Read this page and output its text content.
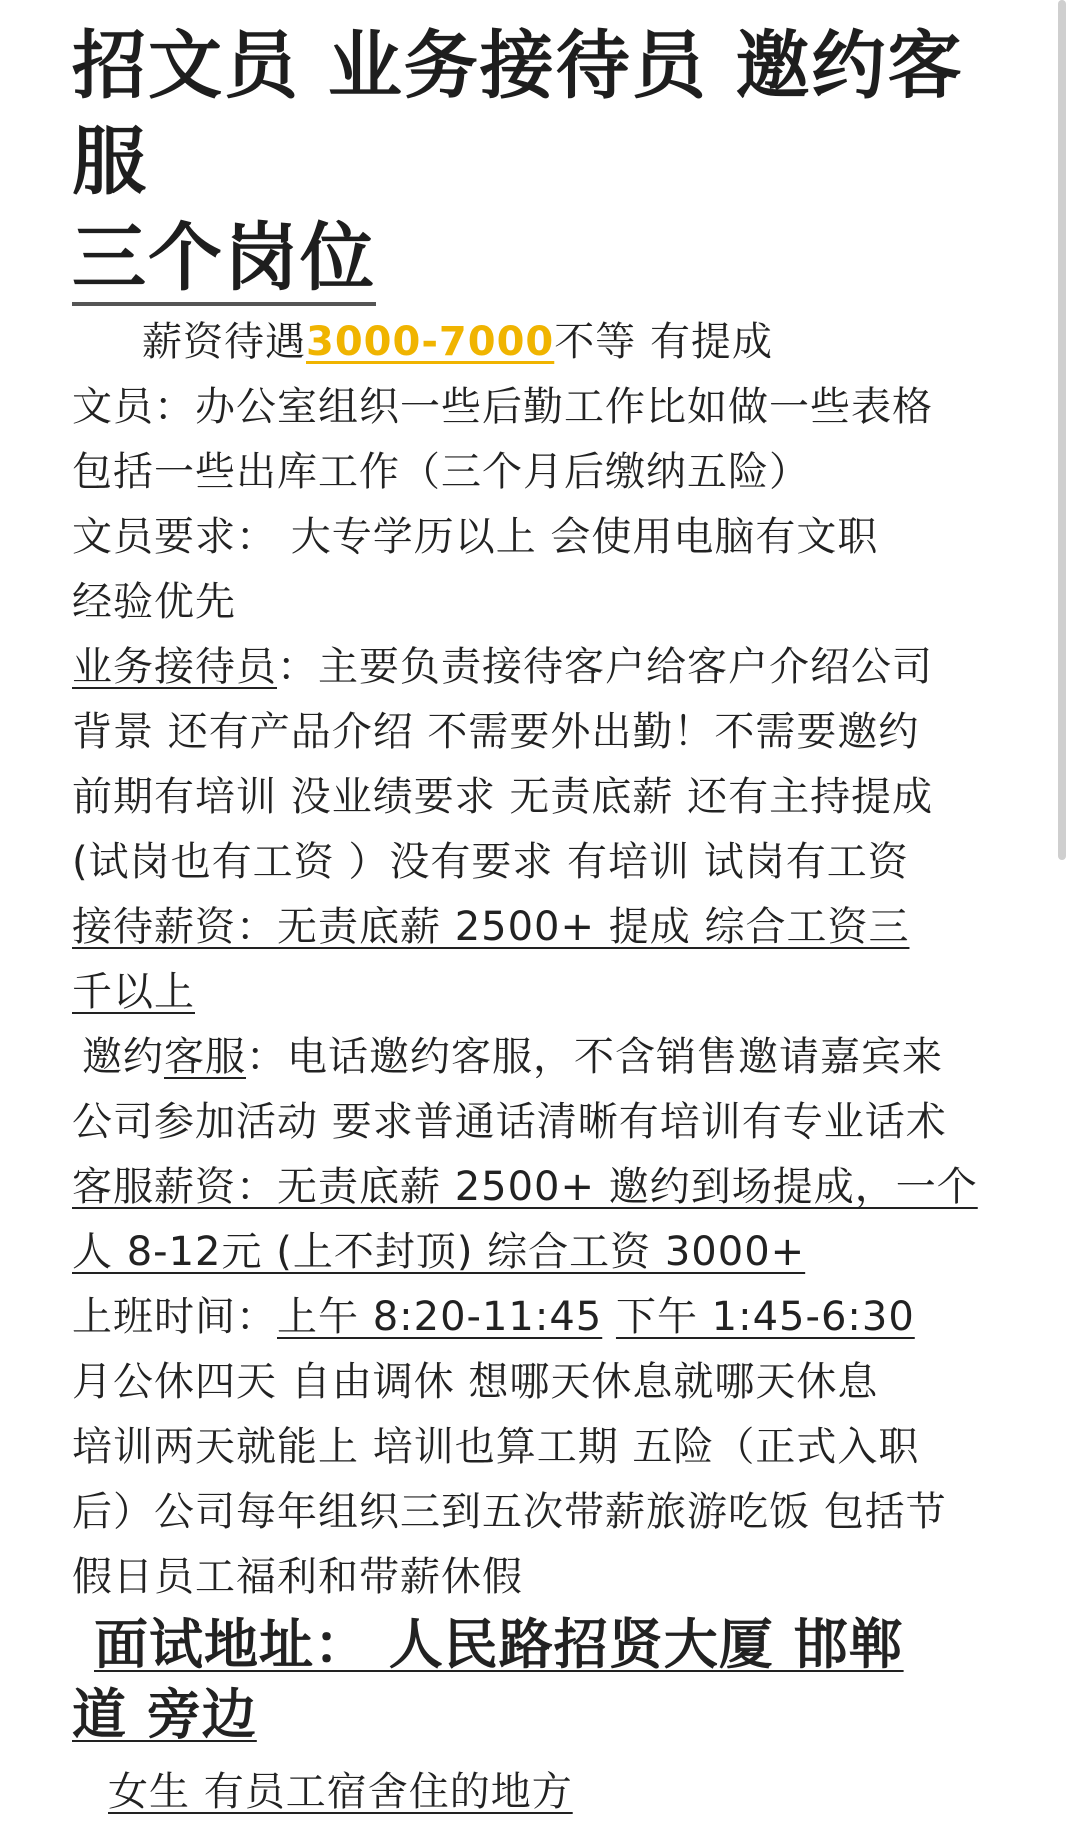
招文员 业务接待员 邀约客服
三个岗位

薪资待遇3000-7000不等 有提成

文员：办公室组织一些后勤工作比如做一些表格

包括一些出库工作（三个月后缴纳五险）

文员要求： 大专学历以上 会使用电脑有文职

经验优先

业务接待员：主要负责接待客户给客户介绍公司

背景 还有产品介绍 不需要外出勤！不需要邀约

前期有培训 没业绩要求 无责底薪 还有主持提成

(试岗也有工资 ）没有要求 有培训 试岗有工资

接待薪资：无责底薪 2500+ 提成 综合工资三

千以上

邀约客服：电话邀约客服，不含销售邀请嘉宾来

公司参加活动 要求普通话清晰有培训有专业话术

客服薪资：无责底薪 2500+ 邀约到场提成，一个

人 8-12元 (上不封顶) 综合工资 3000+

上班时间：上午 8:20-11:45 下午 1:45-6:30

月公休四天 自由调休 想哪天休息就哪天休息

培训两天就能上 培训也算工期 五险（正式入职

后）公司每年组织三到五次带薪旅游吃饭 包括节

假日员工福利和带薪休假

面试地址： 人民路招贤大厦 邯郸

道 旁边

女生 有员工宿舍住的地方
